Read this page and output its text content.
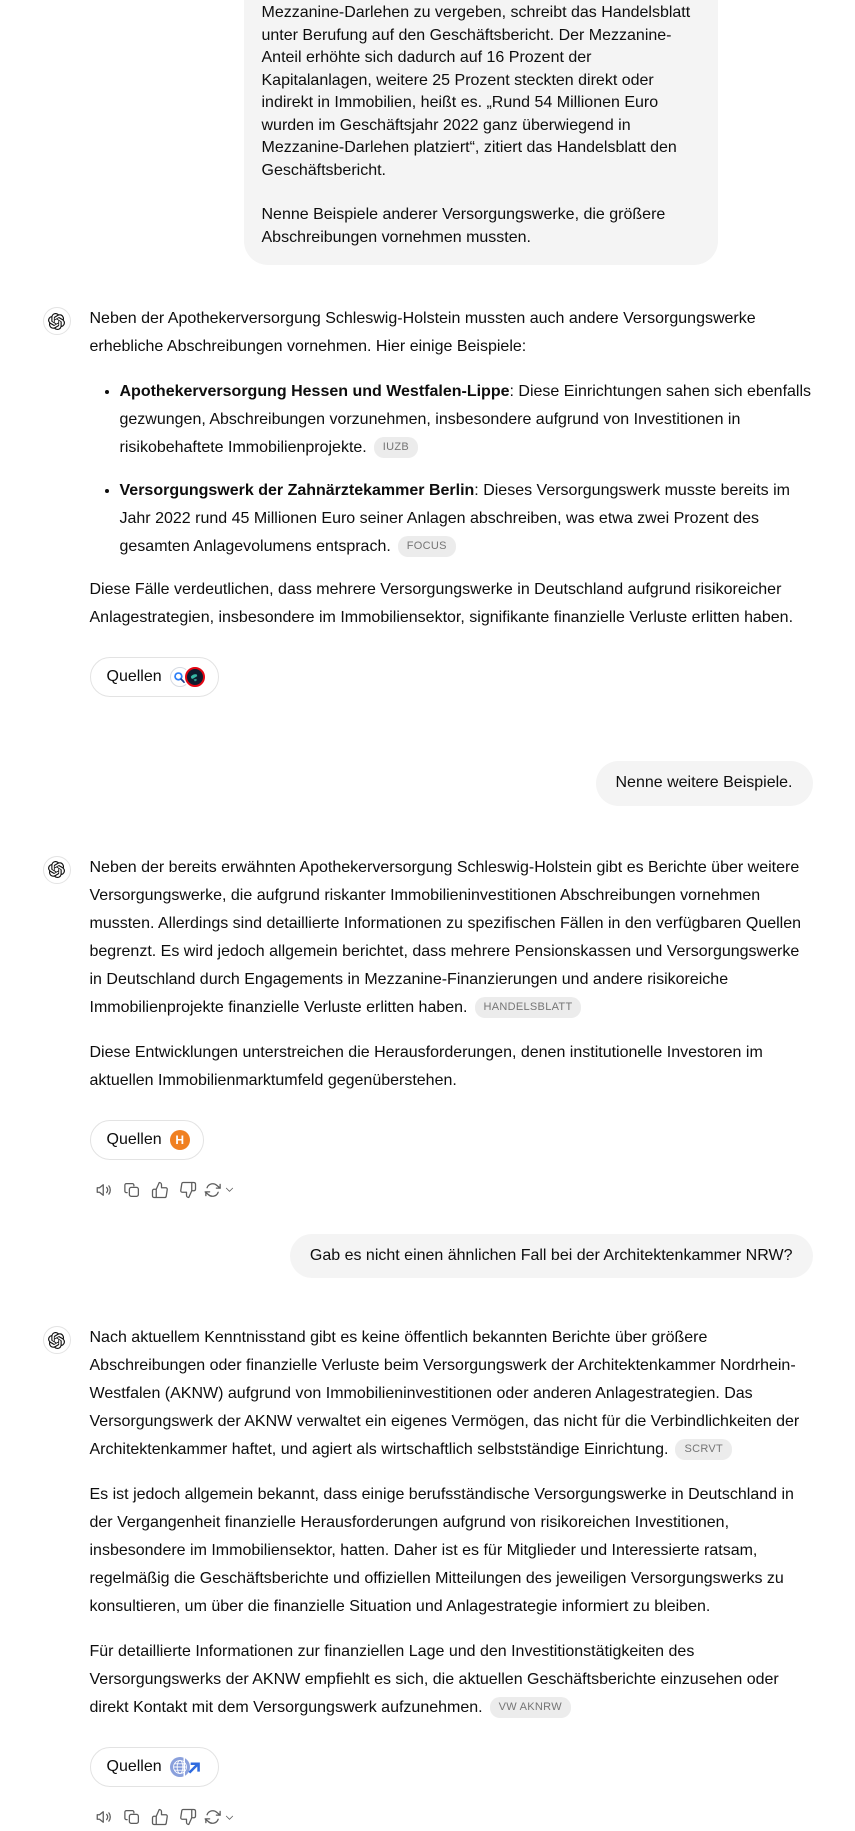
Mezzanine-Darlehen zu vergeben, schreibt das Handelsblatt unter Berufung auf den Geschäftsbericht. Der Mezzanine-Anteil erhöhte sich dadurch auf 16 Prozent der Kapitalanlagen, weitere 25 Prozent steckten direkt oder indirekt in Immobilien, heißt es. „Rund 54 Millionen Euro wurden im Geschäftsjahr 2022 ganz überwiegend in Mezzanine-Darlehen platziert“, zitiert das Handelsblatt den Geschäftsbericht.

Nenne Beispiele anderer Versorgungswerke, die größere Abschreibungen vornehmen mussten.

Neben der Apothekerversorgung Schleswig-Holstein mussten auch andere Versorgungswerke erhebliche Abschreibungen vornehmen. Hier einige Beispiele:

• Apothekerversorgung Hessen und Westfalen-Lippe: Diese Einrichtungen sahen sich ebenfalls gezwungen, Abschreibungen vorzunehmen, insbesondere aufgrund von Investitionen in risikobehaftete Immobilienprojekte. IUZB
• Versorgungswerk der Zahnärztekammer Berlin: Dieses Versorgungswerk musste bereits im Jahr 2022 rund 45 Millionen Euro seiner Anlagen abschreiben, was etwa zwei Prozent des gesamten Anlagevolumens entsprach. FOCUS

Diese Fälle verdeutlichen, dass mehrere Versorgungswerke in Deutschland aufgrund risikoreicher Anlagestrategien, insbesondere im Immobiliensektor, signifikante finanzielle Verluste erlitten haben.

Quellen

Nenne weitere Beispiele.

Neben der bereits erwähnten Apothekerversorgung Schleswig-Holstein gibt es Berichte über weitere Versorgungswerke, die aufgrund riskanter Immobilieninvestitionen Abschreibungen vornehmen mussten. Allerdings sind detaillierte Informationen zu spezifischen Fällen in den verfügbaren Quellen begrenzt. Es wird jedoch allgemein berichtet, dass mehrere Pensionskassen und Versorgungswerke in Deutschland durch Engagements in Mezzanine-Finanzierungen und andere risikoreiche Immobilienprojekte finanzielle Verluste erlitten haben. HANDELSBLATT

Diese Entwicklungen unterstreichen die Herausforderungen, denen institutionelle Investoren im aktuellen Immobilienmarktumfeld gegenüberstehen.

Quellen	H

Gab es nicht einen ähnlichen Fall bei der Architektenkammer NRW?

Nach aktuellem Kenntnisstand gibt es keine öffentlich bekannten Berichte über größere Abschreibungen oder finanzielle Verluste beim Versorgungswerk der Architektenkammer Nordrhein-Westfalen (AKNW) aufgrund von Immobilieninvestitionen oder anderen Anlagestrategien. Das Versorgungswerk der AKNW verwaltet ein eigenes Vermögen, das nicht für die Verbindlichkeiten der Architektenkammer haftet, und agiert als wirtschaftlich selbstständige Einrichtung. SCRVT

Es ist jedoch allgemein bekannt, dass einige berufsständische Versorgungswerke in Deutschland in der Vergangenheit finanzielle Herausforderungen aufgrund von risikoreichen Investitionen, insbesondere im Immobiliensektor, hatten. Daher ist es für Mitglieder und Interessierte ratsam, regelmäßig die Geschäftsberichte und offiziellen Mitteilungen des jeweiligen Versorgungswerks zu konsultieren, um über die finanzielle Situation und Anlagestrategie informiert zu bleiben.

Für detaillierte Informationen zur finanziellen Lage und den Investitionstätigkeiten des Versorgungswerks der AKNW empfiehlt es sich, die aktuellen Geschäftsberichte einzusehen oder direkt Kontakt mit dem Versorgungswerk aufzunehmen. VW AKNRW

Quellen
